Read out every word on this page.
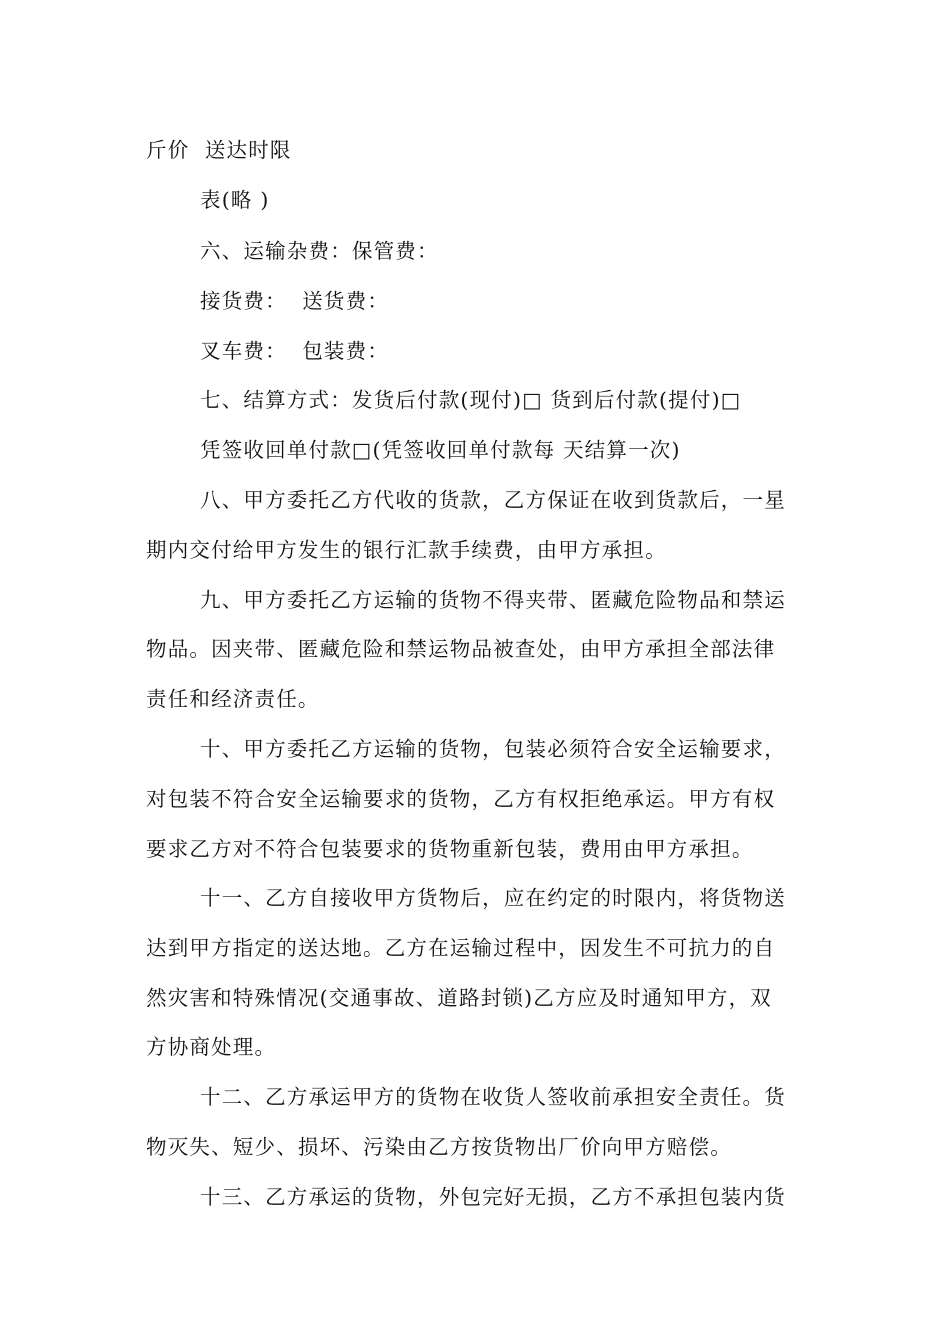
斤价  送达时限
表(略 )
六、运输杂费：保管费：
接货费：  送货费：
叉车费：  包装费：
七、结算方式：发货后付款(现付)□ 货到后付款(提付)□
凭签收回单付款□(凭签收回单付款每 天结算一次)
八、甲方委托乙方代收的货款，乙方保证在收到货款后，一星
期内交付给甲方发生的银行汇款手续费，由甲方承担。
九、甲方委托乙方运输的货物不得夹带、匿藏危险物品和禁运
物品。因夹带、匿藏危险和禁运物品被查处，由甲方承担全部法律
责任和经济责任。
十、甲方委托乙方运输的货物，包装必须符合安全运输要求，
对包装不符合安全运输要求的货物，乙方有权拒绝承运。甲方有权
要求乙方对不符合包装要求的货物重新包装，费用由甲方承担。
十一、乙方自接收甲方货物后，应在约定的时限内，将货物送
达到甲方指定的送达地。乙方在运输过程中，因发生不可抗力的自
然灾害和特殊情况(交通事故、道路封锁)乙方应及时通知甲方，双
方协商处理。
十二、乙方承运甲方的货物在收货人签收前承担安全责任。货
物灭失、短少、损坏、污染由乙方按货物出厂价向甲方赔偿。
十三、乙方承运的货物，外包完好无损，乙方不承担包装内货
